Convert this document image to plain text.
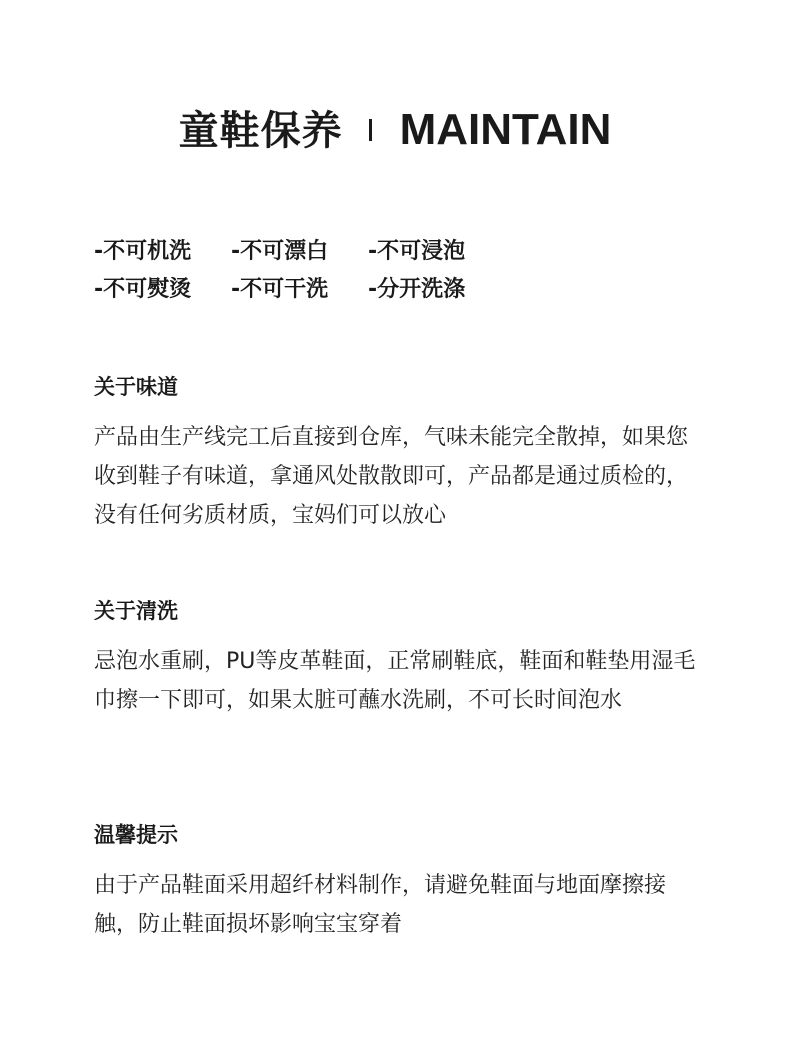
童鞋保养 MAINTAIN
-不可机洗	-不可漂白	-不可浸泡
-不可熨烫	-不可干洗	-分开洗涤
关于味道

产品由生产线完工后直接到仓库，气味未能完全散掉，如果您收到鞋子有味道，拿通风处散散即可，产品都是通过质检的，没有任何劣质材质，宝妈们可以放心

关于清洗

忌泡水重刷，PU等皮革鞋面，正常刷鞋底，鞋面和鞋垫用湿毛巾擦一下即可，如果太脏可蘸水洗刷，不可长时间泡水

温馨提示

由于产品鞋面采用超纤材料制作，请避免鞋面与地面摩擦接触，防止鞋面损坏影响宝宝穿着
